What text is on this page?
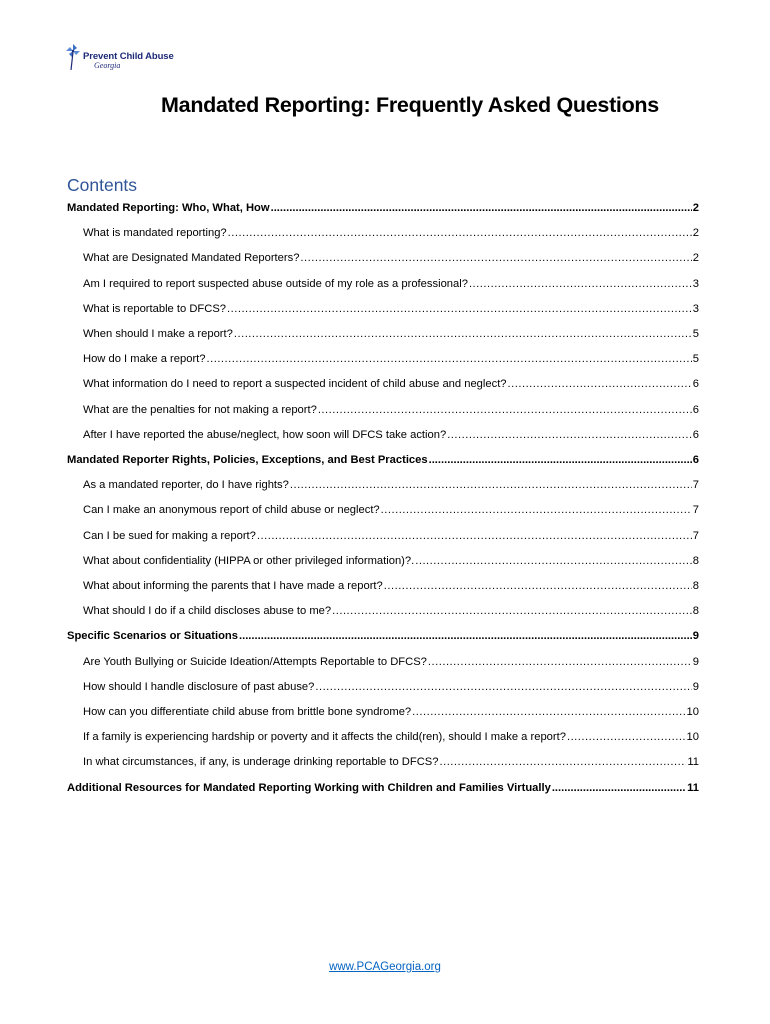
Prevent Child Abuse
Georgia
Mandated Reporting: Frequently Asked Questions
Contents
Mandated Reporting: Who, What, How .....	2
What is mandated reporting? .....	2
What are Designated Mandated Reporters? .....	2
Am I required to report suspected abuse outside of my role as a professional? .....	3
What is reportable to DFCS? .....	3
When should I make a report? .....	5
How do I make a report? .....	5
What information do I need to report a suspected incident of child abuse and neglect? .....	6
What are the penalties for not making a report? .....	6
After I have reported the abuse/neglect, how soon will DFCS take action? .....	6
Mandated Reporter Rights, Policies, Exceptions, and Best Practices .....	6
As a mandated reporter, do I have rights? .....	7
Can I make an anonymous report of child abuse or neglect? .....	7
Can I be sued for making a report? .....	7
What about confidentiality (HIPPA or other privileged information)?. .....	8
What about informing the parents that I have made a report? .....	8
What should I do if a child discloses abuse to me? .....	8
Specific Scenarios or Situations .....	9
Are Youth Bullying or Suicide Ideation/Attempts Reportable to DFCS? .....	9
How should I handle disclosure of past abuse? .....	9
How can you differentiate child abuse from brittle bone syndrome? .....	10
If a family is experiencing hardship or poverty and it affects the child(ren), should I make a report? .....	10
In what circumstances, if any, is underage drinking reportable to DFCS? .....	11
Additional Resources for Mandated Reporting Working with Children and Families Virtually .....	11
www.PCAGeorgia.org
